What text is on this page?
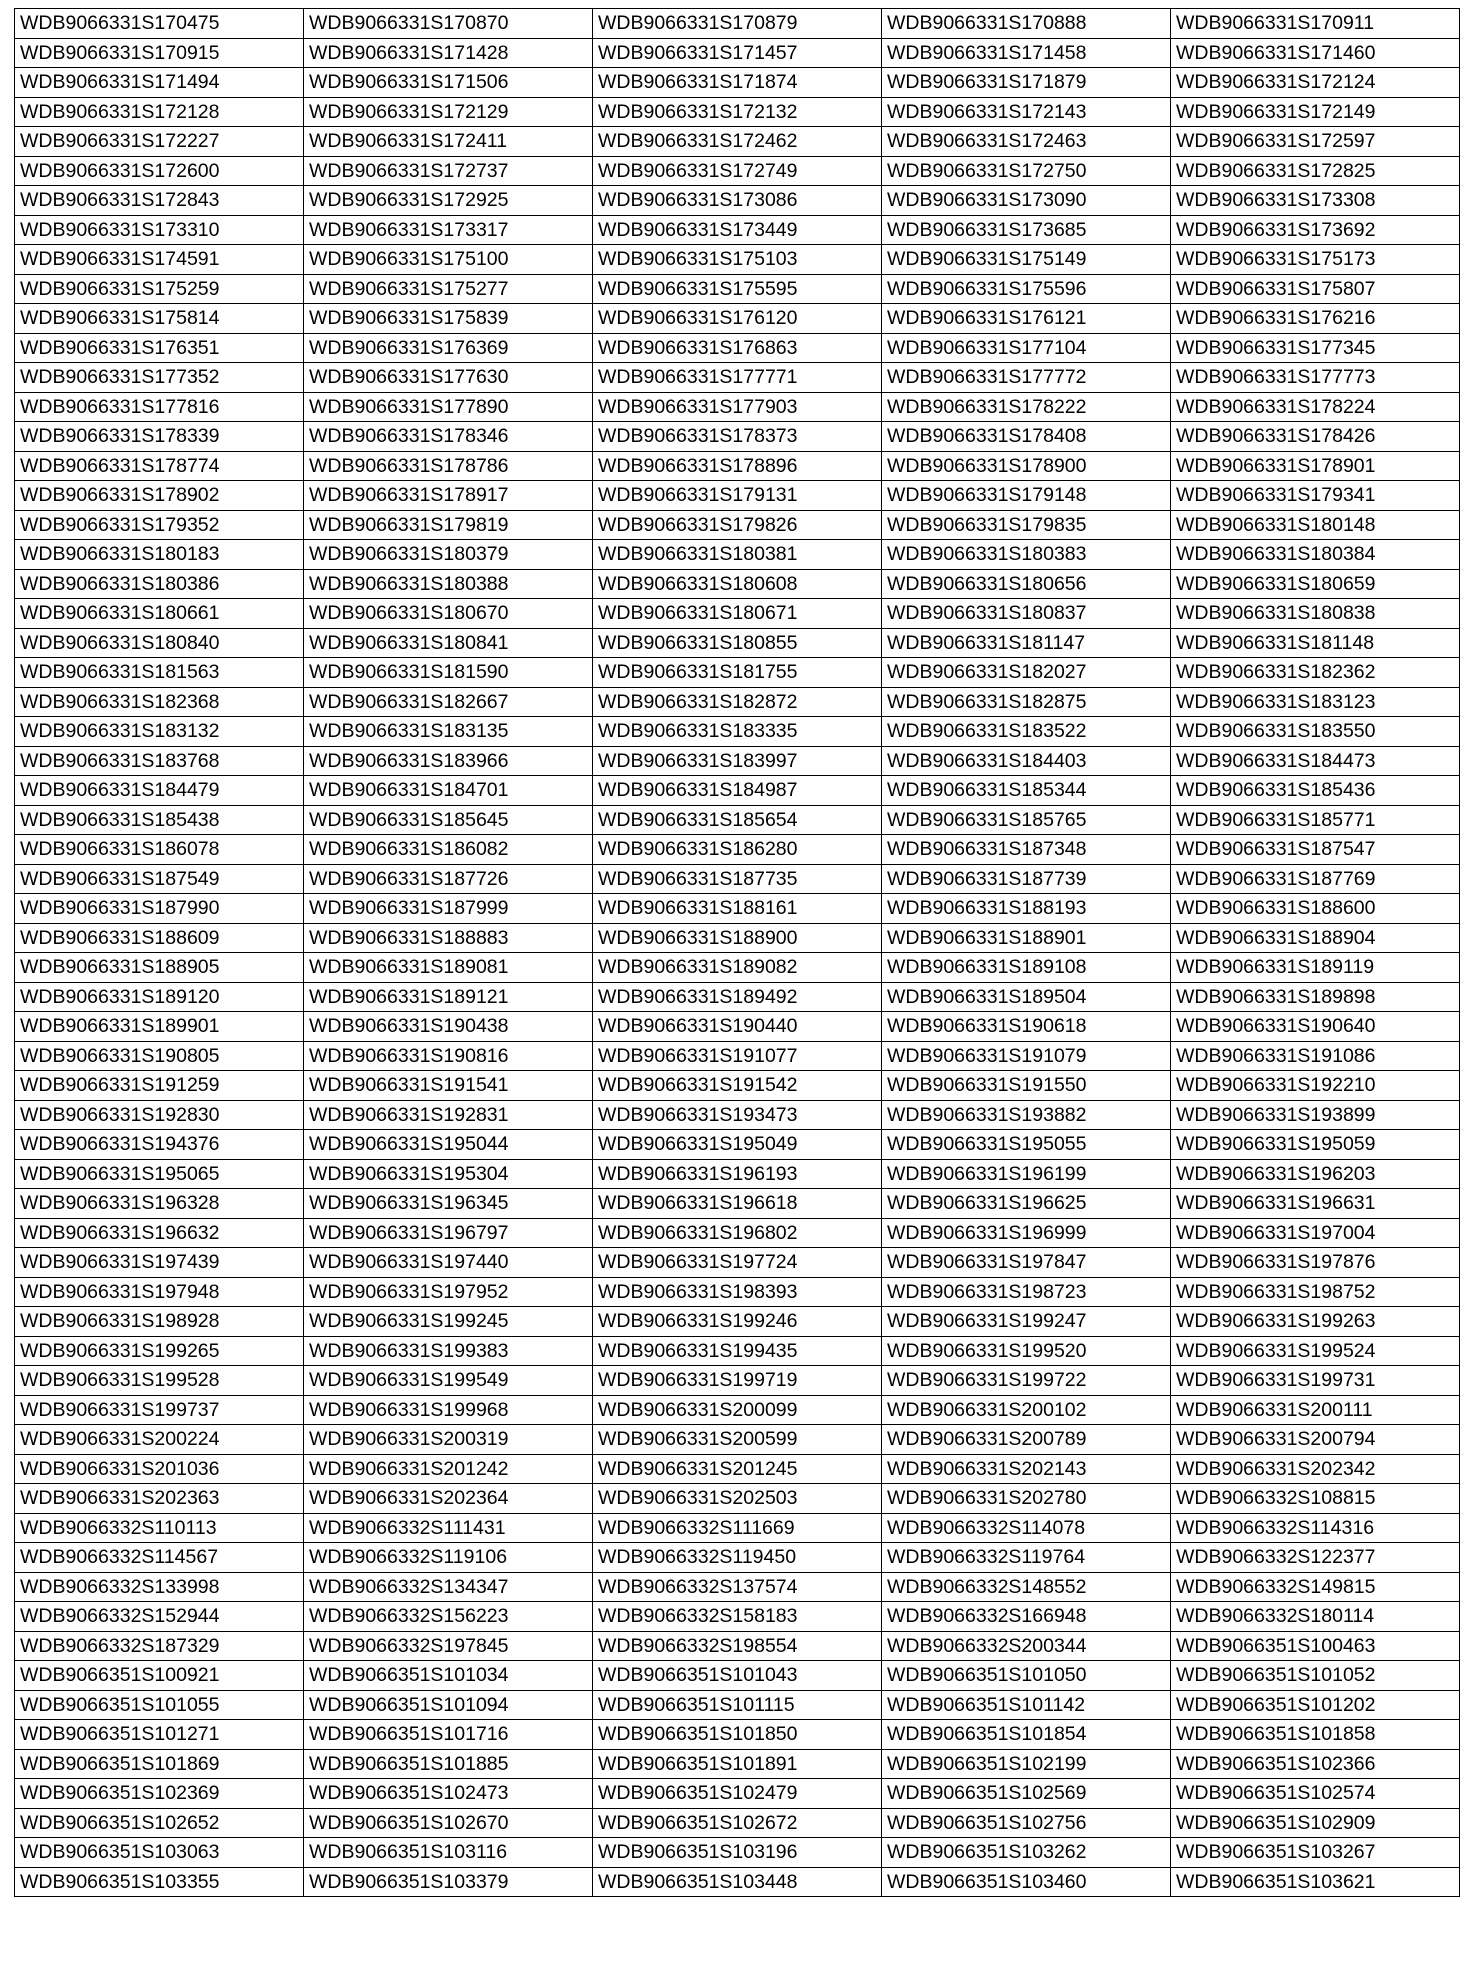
WDB9066331S170475	WDB9066331S170870	WDB9066331S170879	WDB9066331S170888	WDB9066331S170911
WDB9066331S170915	WDB9066331S171428	WDB9066331S171457	WDB9066331S171458	WDB9066331S171460
WDB9066331S171494	WDB9066331S171506	WDB9066331S171874	WDB9066331S171879	WDB9066331S172124
WDB9066331S172128	WDB9066331S172129	WDB9066331S172132	WDB9066331S172143	WDB9066331S172149
WDB9066331S172227	WDB9066331S172411	WDB9066331S172462	WDB9066331S172463	WDB9066331S172597
WDB9066331S172600	WDB9066331S172737	WDB9066331S172749	WDB9066331S172750	WDB9066331S172825
WDB9066331S172843	WDB9066331S172925	WDB9066331S173086	WDB9066331S173090	WDB9066331S173308
WDB9066331S173310	WDB9066331S173317	WDB9066331S173449	WDB9066331S173685	WDB9066331S173692
WDB9066331S174591	WDB9066331S175100	WDB9066331S175103	WDB9066331S175149	WDB9066331S175173
WDB9066331S175259	WDB9066331S175277	WDB9066331S175595	WDB9066331S175596	WDB9066331S175807
WDB9066331S175814	WDB9066331S175839	WDB9066331S176120	WDB9066331S176121	WDB9066331S176216
WDB9066331S176351	WDB9066331S176369	WDB9066331S176863	WDB9066331S177104	WDB9066331S177345
WDB9066331S177352	WDB9066331S177630	WDB9066331S177771	WDB9066331S177772	WDB9066331S177773
WDB9066331S177816	WDB9066331S177890	WDB9066331S177903	WDB9066331S178222	WDB9066331S178224
WDB9066331S178339	WDB9066331S178346	WDB9066331S178373	WDB9066331S178408	WDB9066331S178426
WDB9066331S178774	WDB9066331S178786	WDB9066331S178896	WDB9066331S178900	WDB9066331S178901
WDB9066331S178902	WDB9066331S178917	WDB9066331S179131	WDB9066331S179148	WDB9066331S179341
WDB9066331S179352	WDB9066331S179819	WDB9066331S179826	WDB9066331S179835	WDB9066331S180148
WDB9066331S180183	WDB9066331S180379	WDB9066331S180381	WDB9066331S180383	WDB9066331S180384
WDB9066331S180386	WDB9066331S180388	WDB9066331S180608	WDB9066331S180656	WDB9066331S180659
WDB9066331S180661	WDB9066331S180670	WDB9066331S180671	WDB9066331S180837	WDB9066331S180838
WDB9066331S180840	WDB9066331S180841	WDB9066331S180855	WDB9066331S181147	WDB9066331S181148
WDB9066331S181563	WDB9066331S181590	WDB9066331S181755	WDB9066331S182027	WDB9066331S182362
WDB9066331S182368	WDB9066331S182667	WDB9066331S182872	WDB9066331S182875	WDB9066331S183123
WDB9066331S183132	WDB9066331S183135	WDB9066331S183335	WDB9066331S183522	WDB9066331S183550
WDB9066331S183768	WDB9066331S183966	WDB9066331S183997	WDB9066331S184403	WDB9066331S184473
WDB9066331S184479	WDB9066331S184701	WDB9066331S184987	WDB9066331S185344	WDB9066331S185436
WDB9066331S185438	WDB9066331S185645	WDB9066331S185654	WDB9066331S185765	WDB9066331S185771
WDB9066331S186078	WDB9066331S186082	WDB9066331S186280	WDB9066331S187348	WDB9066331S187547
WDB9066331S187549	WDB9066331S187726	WDB9066331S187735	WDB9066331S187739	WDB9066331S187769
WDB9066331S187990	WDB9066331S187999	WDB9066331S188161	WDB9066331S188193	WDB9066331S188600
WDB9066331S188609	WDB9066331S188883	WDB9066331S188900	WDB9066331S188901	WDB9066331S188904
WDB9066331S188905	WDB9066331S189081	WDB9066331S189082	WDB9066331S189108	WDB9066331S189119
WDB9066331S189120	WDB9066331S189121	WDB9066331S189492	WDB9066331S189504	WDB9066331S189898
WDB9066331S189901	WDB9066331S190438	WDB9066331S190440	WDB9066331S190618	WDB9066331S190640
WDB9066331S190805	WDB9066331S190816	WDB9066331S191077	WDB9066331S191079	WDB9066331S191086
WDB9066331S191259	WDB9066331S191541	WDB9066331S191542	WDB9066331S191550	WDB9066331S192210
WDB9066331S192830	WDB9066331S192831	WDB9066331S193473	WDB9066331S193882	WDB9066331S193899
WDB9066331S194376	WDB9066331S195044	WDB9066331S195049	WDB9066331S195055	WDB9066331S195059
WDB9066331S195065	WDB9066331S195304	WDB9066331S196193	WDB9066331S196199	WDB9066331S196203
WDB9066331S196328	WDB9066331S196345	WDB9066331S196618	WDB9066331S196625	WDB9066331S196631
WDB9066331S196632	WDB9066331S196797	WDB9066331S196802	WDB9066331S196999	WDB9066331S197004
WDB9066331S197439	WDB9066331S197440	WDB9066331S197724	WDB9066331S197847	WDB9066331S197876
WDB9066331S197948	WDB9066331S197952	WDB9066331S198393	WDB9066331S198723	WDB9066331S198752
WDB9066331S198928	WDB9066331S199245	WDB9066331S199246	WDB9066331S199247	WDB9066331S199263
WDB9066331S199265	WDB9066331S199383	WDB9066331S199435	WDB9066331S199520	WDB9066331S199524
WDB9066331S199528	WDB9066331S199549	WDB9066331S199719	WDB9066331S199722	WDB9066331S199731
WDB9066331S199737	WDB9066331S199968	WDB9066331S200099	WDB9066331S200102	WDB9066331S200111
WDB9066331S200224	WDB9066331S200319	WDB9066331S200599	WDB9066331S200789	WDB9066331S200794
WDB9066331S201036	WDB9066331S201242	WDB9066331S201245	WDB9066331S202143	WDB9066331S202342
WDB9066331S202363	WDB9066331S202364	WDB9066331S202503	WDB9066331S202780	WDB9066332S108815
WDB9066332S110113	WDB9066332S111431	WDB9066332S111669	WDB9066332S114078	WDB9066332S114316
WDB9066332S114567	WDB9066332S119106	WDB9066332S119450	WDB9066332S119764	WDB9066332S122377
WDB9066332S133998	WDB9066332S134347	WDB9066332S137574	WDB9066332S148552	WDB9066332S149815
WDB9066332S152944	WDB9066332S156223	WDB9066332S158183	WDB9066332S166948	WDB9066332S180114
WDB9066332S187329	WDB9066332S197845	WDB9066332S198554	WDB9066332S200344	WDB9066351S100463
WDB9066351S100921	WDB9066351S101034	WDB9066351S101043	WDB9066351S101050	WDB9066351S101052
WDB9066351S101055	WDB9066351S101094	WDB9066351S101115	WDB9066351S101142	WDB9066351S101202
WDB9066351S101271	WDB9066351S101716	WDB9066351S101850	WDB9066351S101854	WDB9066351S101858
WDB9066351S101869	WDB9066351S101885	WDB9066351S101891	WDB9066351S102199	WDB9066351S102366
WDB9066351S102369	WDB9066351S102473	WDB9066351S102479	WDB9066351S102569	WDB9066351S102574
WDB9066351S102652	WDB9066351S102670	WDB9066351S102672	WDB9066351S102756	WDB9066351S102909
WDB9066351S103063	WDB9066351S103116	WDB9066351S103196	WDB9066351S103262	WDB9066351S103267
WDB9066351S103355	WDB9066351S103379	WDB9066351S103448	WDB9066351S103460	WDB9066351S103621
